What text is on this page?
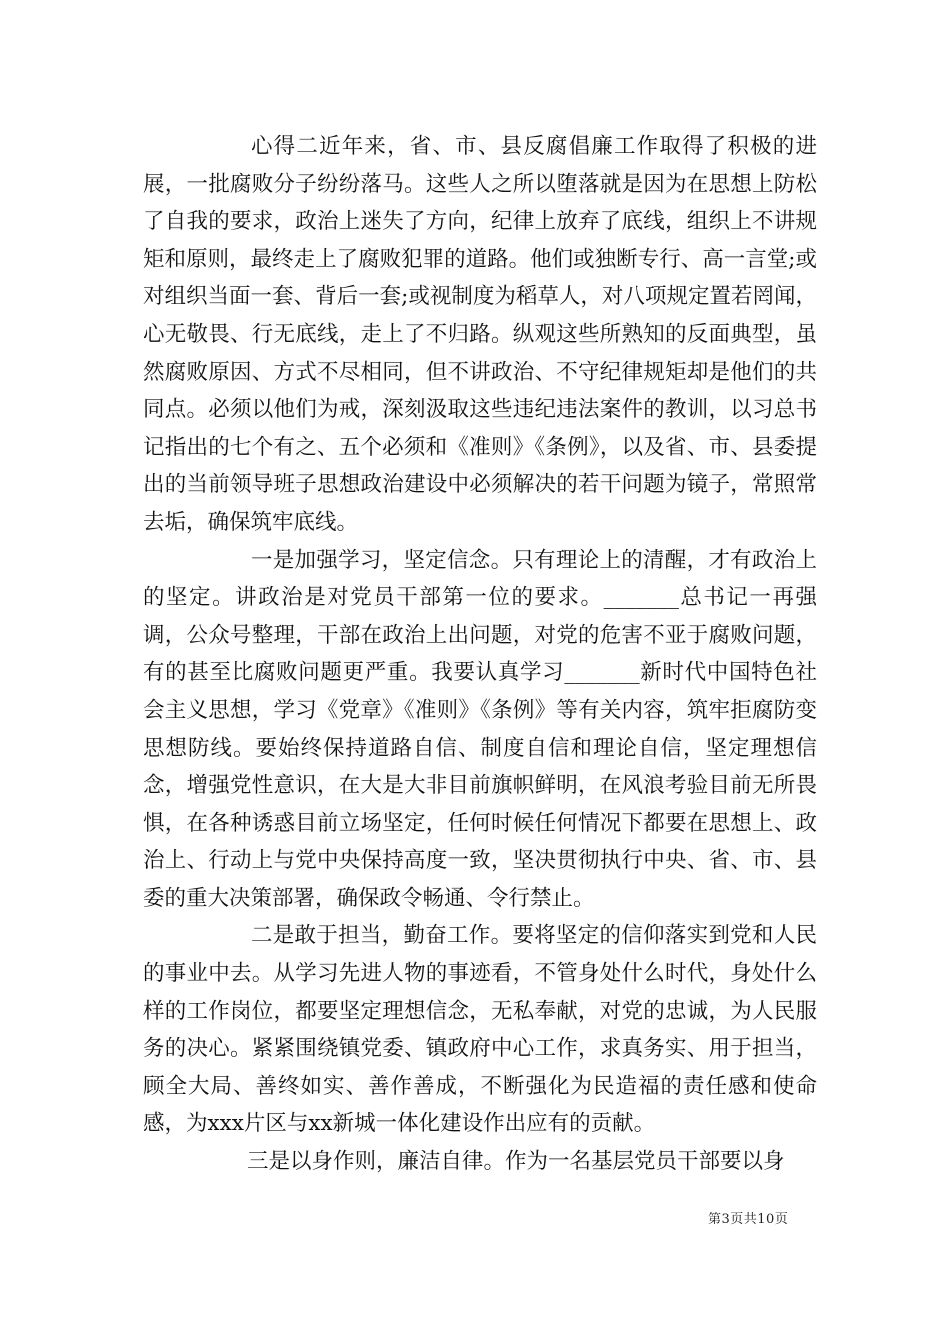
心得二近年来，省、市、县反腐倡廉工作取得了积极的进展，一批腐败分子纷纷落马。这些人之所以堕落就是因为在思想上防松了自我的要求，政治上迷失了方向，纪律上放弃了底线，组织上不讲规矩和原则，最终走上了腐败犯罪的道路。他们或独断专行、高一言堂;或对组织当面一套、背后一套;或视制度为稻草人，对八项规定置若罔闻，心无敬畏、行无底线，走上了不归路。纵观这些所熟知的反面典型，虽然腐败原因、方式不尽相同，但不讲政治、不守纪律规矩却是他们的共同点。必须以他们为戒，深刻汲取这些违纪违法案件的教训，以习总书记指出的七个有之、五个必须和《准则》《条例》，以及省、市、县委提出的当前领导班子思想政治建设中必须解决的若干问题为镜子，常照常去垢，确保筑牢底线。

一是加强学习，坚定信念。只有理论上的清醒，才有政治上的坚定。讲政治是对党员干部第一位的要求。_______总书记一再强调，公众号整理，干部在政治上出问题，对党的危害不亚于腐败问题，有的甚至比腐败问题更严重。我要认真学习_______新时代中国特色社会主义思想，学习《党章》《准则》《条例》等有关内容，筑牢拒腐防变思想防线。要始终保持道路自信、制度自信和理论自信，坚定理想信念，增强党性意识，在大是大非目前旗帜鲜明，在风浪考验目前无所畏惧，在各种诱惑目前立场坚定，任何时候任何情况下都要在思想上、政治上、行动上与党中央保持高度一致，坚决贯彻执行中央、省、市、县委的重大决策部署，确保政令畅通、令行禁止。

二是敢于担当，勤奋工作。要将坚定的信仰落实到党和人民的事业中去。从学习先进人物的事迹看，不管身处什么时代，身处什么样的工作岗位，都要坚定理想信念，无私奉献，对党的忠诚，为人民服务的决心。紧紧围绕镇党委、镇政府中心工作，求真务实、用于担当，顾全大局、善终如实、善作善成，不断强化为民造福的责任感和使命感，为xxx片区与xx新城一体化建设作出应有的贡献。

三是以身作则，廉洁自律。作为一名基层党员干部要以身

第3页共10页
